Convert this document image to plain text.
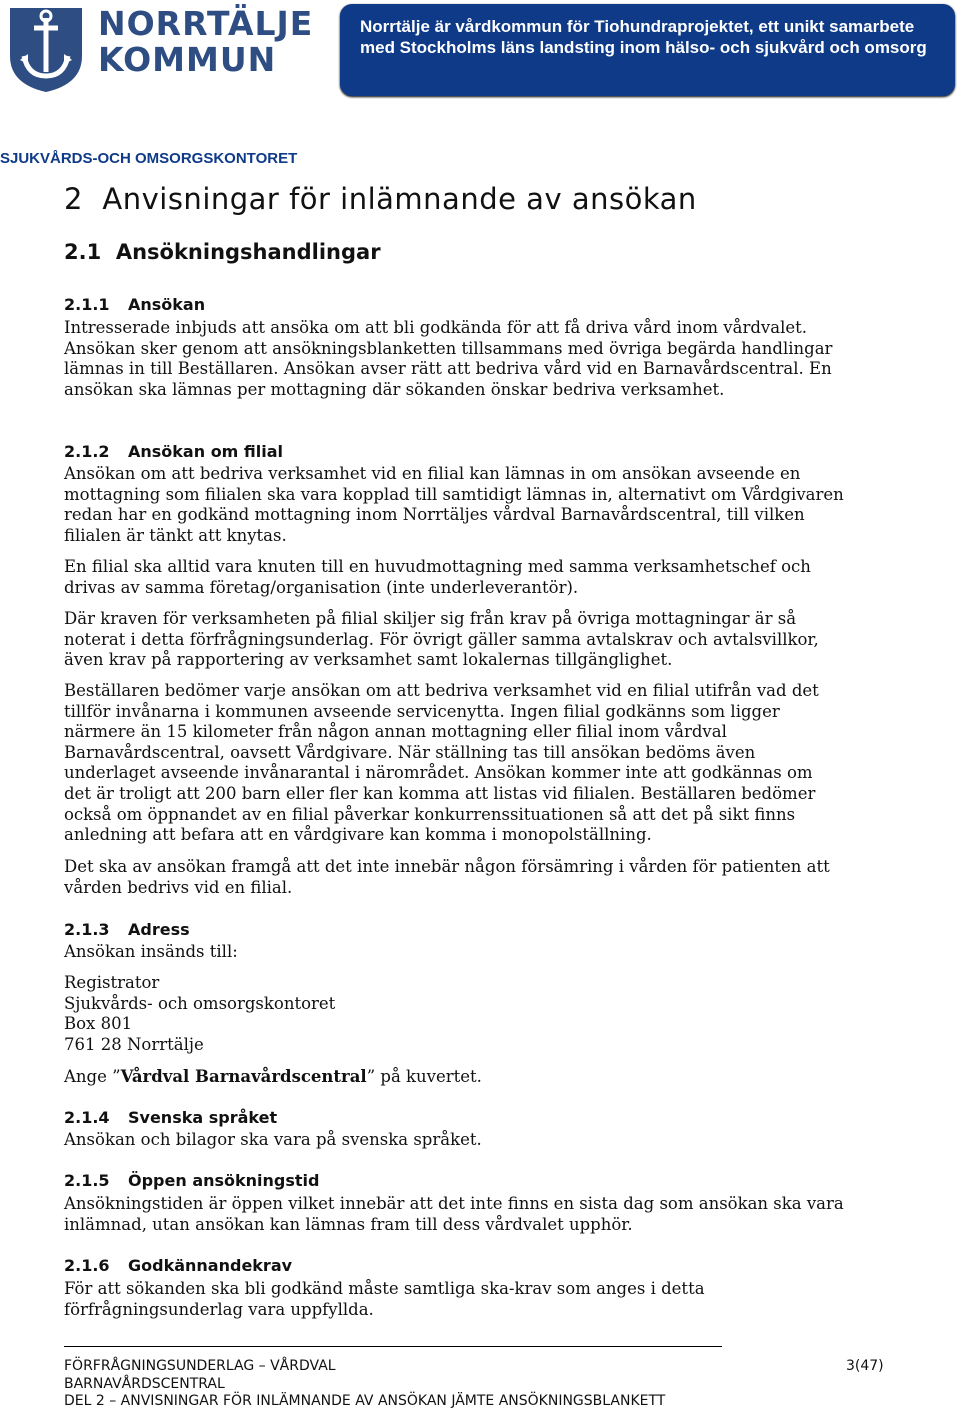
NORRTÄLJE
KOMMUN
Norrtälje är vårdkommun för Tiohundraprojektet, ett unikt samarbete med Stockholms läns landsting inom hälso- och sjukvård och omsorg
SJUKVÅRDS-OCH OMSORGSKONTORET
2  Anvisningar för inlämnande av ansökan
2.1  Ansökningshandlingar
2.1.1 Ansökan
Intresserade inbjuds att ansöka om att bli godkända för att få driva vård inom vårdvalet. Ansökan sker genom att ansökningsblanketten tillsammans med övriga begärda handlingar lämnas in till Beställaren. Ansökan avser rätt att bedriva vård vid en Barnavårdscentral. En ansökan ska lämnas per mottagning där sökanden önskar bedriva verksamhet.
2.1.2 Ansökan om filial
Ansökan om att bedriva verksamhet vid en filial kan lämnas in om ansökan avseende en mottagning som filialen ska vara kopplad till samtidigt lämnas in, alternativt om Vårdgivaren redan har en godkänd mottagning inom Norrtäljes vårdval Barnavårdscentral, till vilken filialen är tänkt att knytas.
En filial ska alltid vara knuten till en huvudmottagning med samma verksamhetschef och drivas av samma företag/organisation (inte underleverantör).
Där kraven för verksamheten på filial skiljer sig från krav på övriga mottagningar är så noterat i detta förfrågningsunderlag. För övrigt gäller samma avtalskrav och avtalsvillkor, även krav på rapportering av verksamhet samt lokalernas tillgänglighet.
Beställaren bedömer varje ansökan om att bedriva verksamhet vid en filial utifrån vad det tillför invånarna i kommunen avseende servicenytta. Ingen filial godkänns som ligger närmere än 15 kilometer från någon annan mottagning eller filial inom vårdval Barnavårdscentral, oavsett Vårdgivare. När ställning tas till ansökan bedöms även underlaget avseende invånarantal i närområdet. Ansökan kommer inte att godkännas om det är troligt att 200 barn eller fler kan komma att listas vid filialen. Beställaren bedömer också om öppnandet av en filial påverkar konkurrenssituationen så att det på sikt finns anledning att befara att en vårdgivare kan komma i monopolställning.
Det ska av ansökan framgå att det inte innebär någon försämring i vården för patienten att vården bedrivs vid en filial.
2.1.3 Adress
Ansökan insänds till:
Registrator
Sjukvårds- och omsorgskontoret
Box 801
761 28 Norrtälje
Ange ”Vårdval Barnavårdscentral” på kuvertet.
2.1.4 Svenska språket
Ansökan och bilagor ska vara på svenska språket.
2.1.5 Öppen ansökningstid
Ansökningstiden är öppen vilket innebär att det inte finns en sista dag som ansökan ska vara inlämnad, utan ansökan kan lämnas fram till dess vårdvalet upphör.
2.1.6 Godkännandekrav
För att sökanden ska bli godkänd måste samtliga ska-krav som anges i detta förfrågningsunderlag vara uppfyllda.
FÖRFRÅGNINGSUNDERLAG – VÅRDVAL
BARNAVÅRDSCENTRAL
DEL 2 – ANVISNINGAR FÖR INLÄMNANDE AV ANSÖKAN JÄMTE ANSÖKNINGSBLANKETT
3(47)
